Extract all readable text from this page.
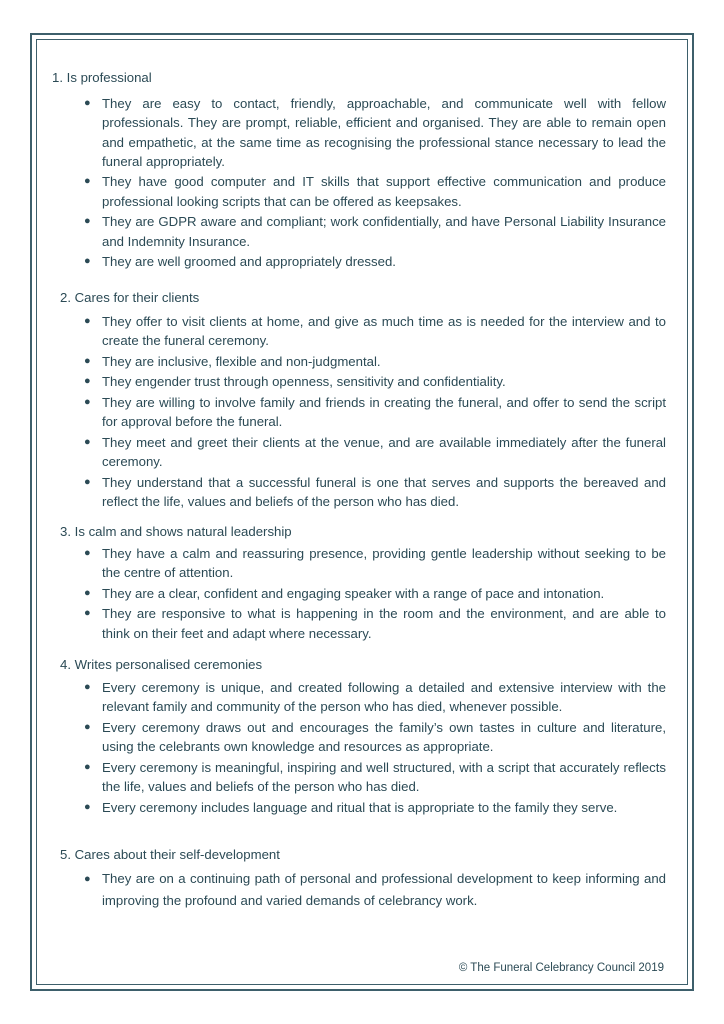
1. Is professional
● They are easy to contact, friendly, approachable, and communicate well with fellow professionals. They are prompt, reliable, efficient and organised. They are able to remain open and empathetic, at the same time as recognising the professional stance necessary to lead the funeral appropriately.
● They have good computer and IT skills that support effective communication and produce professional looking scripts that can be offered as keepsakes.
● They are GDPR aware and compliant; work confidentially, and have Personal Liability Insurance and Indemnity Insurance.
● They are well groomed and appropriately dressed.
2. Cares for their clients
● They offer to visit clients at home, and give as much time as is needed for the interview and to create the funeral ceremony.
● They are inclusive, flexible and non-judgmental.
● They engender trust through openness, sensitivity and confidentiality.
● They are willing to involve family and friends in creating the funeral, and offer to send the script for approval before the funeral.
● They meet and greet their clients at the venue, and are available immediately after the funeral ceremony.
● They understand that a successful funeral is one that serves and supports the bereaved and reflect the life, values and beliefs of the person who has died.
3. Is calm and shows natural leadership
● They have a calm and reassuring presence, providing gentle leadership without seeking to be the centre of attention.
● They are a clear, confident and engaging speaker with a range of pace and intonation.
● They are responsive to what is happening in the room and the environment, and are able to think on their feet and adapt where necessary.
4. Writes personalised ceremonies
● Every ceremony is unique, and created following a detailed and extensive interview with the relevant family and community of the person who has died, whenever possible.
● Every ceremony draws out and encourages the family’s own tastes in culture and literature, using the celebrants own knowledge and resources as appropriate.
● Every ceremony is meaningful, inspiring and well structured, with a script that accurately reflects the life, values and beliefs of the person who has died.
● Every ceremony includes language and ritual that is appropriate to the family they serve.
5. Cares about their self-development
● They are on a continuing path of personal and professional development to keep informing and improving the profound and varied demands of celebrancy work.
© The Funeral Celebrancy Council 2019
